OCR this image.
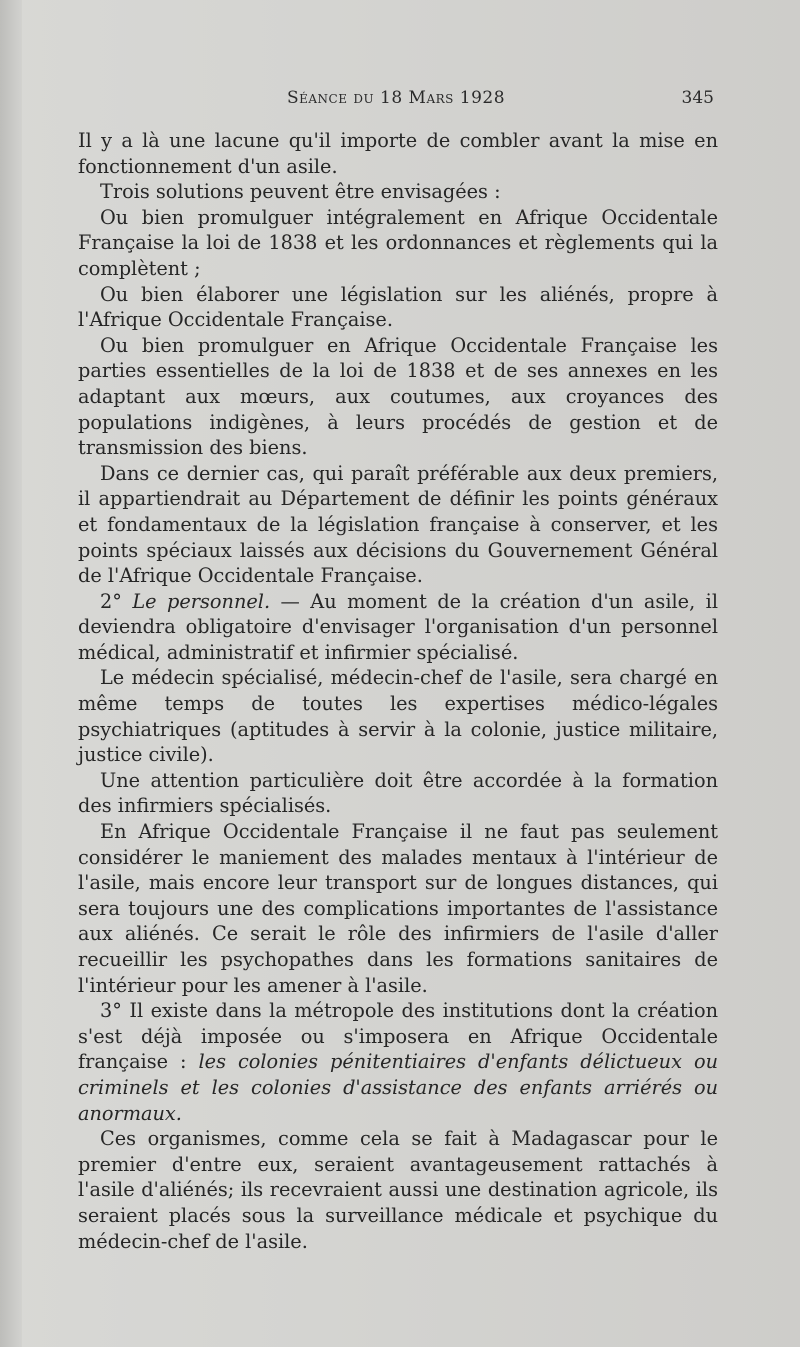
Séance du 18 Mars 1928	345

Il y a là une lacune qu'il importe de combler avant la mise en fonctionnement d'un asile.

Trois solutions peuvent être envisagées :

Ou bien promulguer intégralement en Afrique Occidentale Française la loi de 1838 et les ordonnances et règlements qui la complètent ;

Ou bien élaborer une législation sur les aliénés, propre à l'Afrique Occidentale Française.

Ou bien promulguer en Afrique Occidentale Française les parties essentielles de la loi de 1838 et de ses annexes en les adaptant aux mœurs, aux coutumes, aux croyances des populations indigènes, à leurs procédés de gestion et de transmission des biens.

Dans ce dernier cas, qui paraît préférable aux deux premiers, il appartiendrait au Département de définir les points généraux et fondamentaux de la législation française à conserver, et les points spéciaux laissés aux décisions du Gouvernement Général de l'Afrique Occidentale Française.

2° Le personnel. — Au moment de la création d'un asile, il deviendra obligatoire d'envisager l'organisation d'un personnel médical, administratif et infirmier spécialisé.

Le médecin spécialisé, médecin-chef de l'asile, sera chargé en même temps de toutes les expertises médico-légales psychiatriques (aptitudes à servir à la colonie, justice militaire, justice civile).

Une attention particulière doit être accordée à la formation des infirmiers spécialisés.

En Afrique Occidentale Française il ne faut pas seulement considérer le maniement des malades mentaux à l'intérieur de l'asile, mais encore leur transport sur de longues distances, qui sera toujours une des complications importantes de l'assistance aux aliénés. Ce serait le rôle des infirmiers de l'asile d'aller recueillir les psychopathes dans les formations sanitaires de l'intérieur pour les amener à l'asile.

3° Il existe dans la métropole des institutions dont la création s'est déjà imposée ou s'imposera en Afrique Occidentale française : les colonies pénitentiaires d'enfants délictueux ou criminels et les colonies d'assistance des enfants arriérés ou anormaux.

Ces organismes, comme cela se fait à Madagascar pour le premier d'entre eux, seraient avantageusement rattachés à l'asile d'aliénés; ils recevraient aussi une destination agricole, ils seraient placés sous la surveillance médicale et psychique du médecin-chef de l'asile.
